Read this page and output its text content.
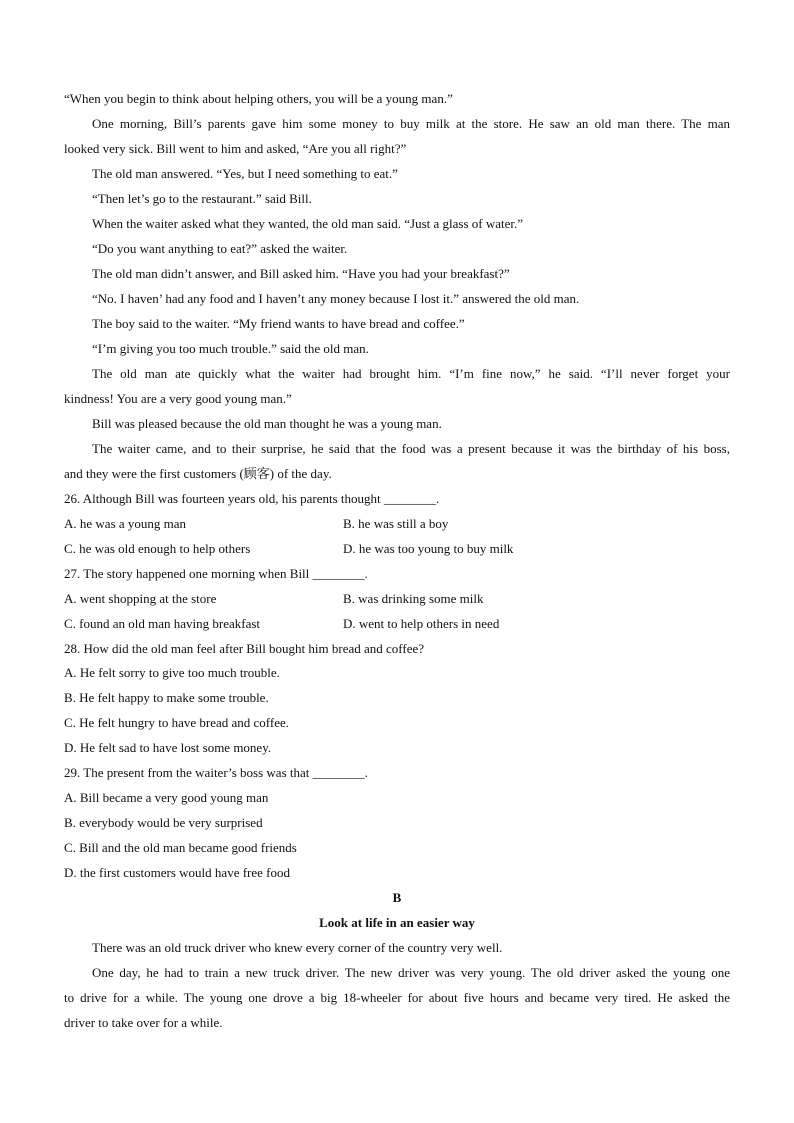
“When you begin to think about helping others, you will be a young man.”
One morning, Bill’s parents gave him some money to buy milk at the store. He saw an old man there. The man
looked very sick. Bill went to him and asked, “Are you all right?”
The old man answered. “Yes, but I need something to eat.”
“Then let’s go to the restaurant.” said Bill.
When the waiter asked what they wanted, the old man said. “Just a glass of water.”
“Do you want anything to eat?” asked the waiter.
The old man didn’t answer, and Bill asked him. “Have you had your breakfast?”
“No. I haven’ had any food and I haven’t any money because I lost it.” answered the old man.
The boy said to the waiter. “My friend wants to have bread and coffee.”
“I’m giving you too much trouble.” said the old man.
The old man ate quickly what the waiter had brought him. “I’m fine now,” he said. “I’ll never forget your
kindness! You are a very good young man.”
Bill was pleased because the old man thought he was a young man.
The waiter came, and to their surprise, he said that the food was a present because it was the birthday of his boss,
and they were the first customers (顾客) of the day.
26. Although Bill was fourteen years old, his parents thought ________.
A. he was a young man	B. he was still a boy
C. he was old enough to help others	D. he was too young to buy milk
27. The story happened one morning when Bill ________.
A. went shopping at the store	B. was drinking some milk
C. found an old man having breakfast	D. went to help others in need
28. How did the old man feel after Bill bought him bread and coffee?
A. He felt sorry to give too much trouble.
B. He felt happy to make some trouble.
C. He felt hungry to have bread and coffee.
D. He felt sad to have lost some money.
29. The present from the waiter’s boss was that ________.
A. Bill became a very good young man
B. everybody would be very surprised
C. Bill and the old man became good friends
D. the first customers would have free food
B
Look at life in an easier way
There was an old truck driver who knew every corner of the country very well.
One day, he had to train a new truck driver. The new driver was very young. The old driver asked the young one
to drive for a while. The young one drove a big 18-wheeler for about five hours and became very tired. He asked the
driver to take over for a while.
